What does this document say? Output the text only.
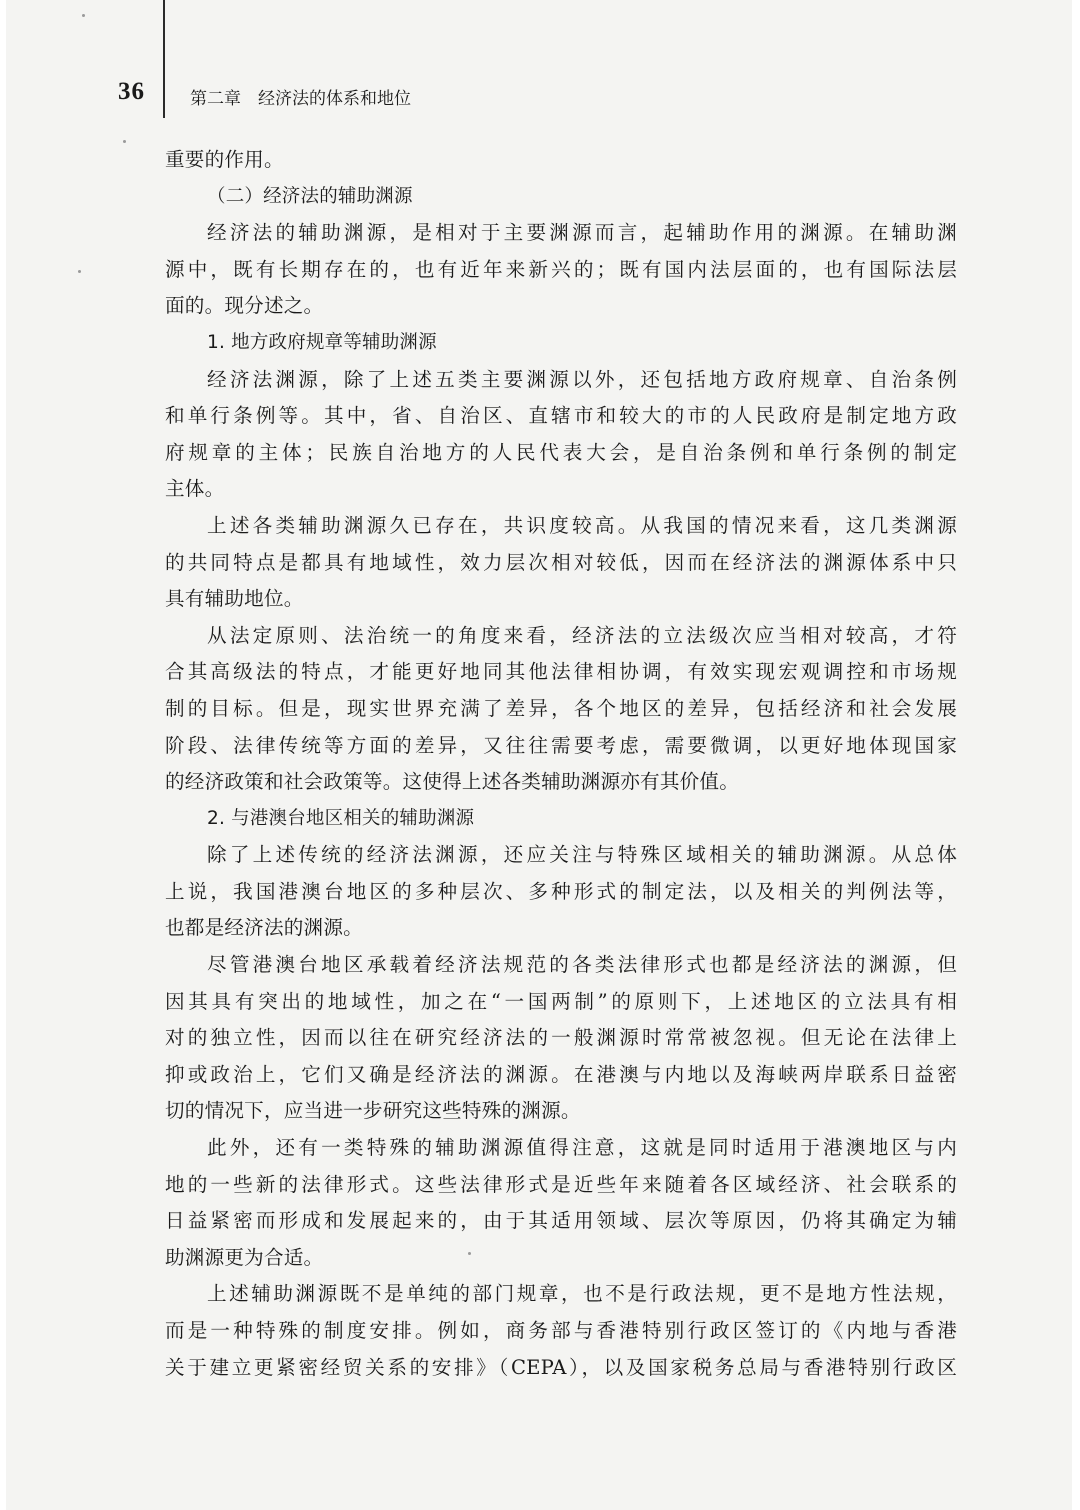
36	第二章　经济法的体系和地位
重要的作用。
（二）经济法的辅助渊源
经济法的辅助渊源，是相对于主要渊源而言，起辅助作用的渊源。在辅助渊
源中，既有长期存在的，也有近年来新兴的；既有国内法层面的，也有国际法层
面的。现分述之。
1. 地方政府规章等辅助渊源
经济法渊源，除了上述五类主要渊源以外，还包括地方政府规章、自治条例
和单行条例等。其中，省、自治区、直辖市和较大的市的人民政府是制定地方政
府规章的主体；民族自治地方的人民代表大会，是自治条例和单行条例的制定
主体。
上述各类辅助渊源久已存在，共识度较高。从我国的情况来看，这几类渊源
的共同特点是都具有地域性，效力层次相对较低，因而在经济法的渊源体系中只
具有辅助地位。
从法定原则、法治统一的角度来看，经济法的立法级次应当相对较高，才符
合其高级法的特点，才能更好地同其他法律相协调，有效实现宏观调控和市场规
制的目标。但是，现实世界充满了差异，各个地区的差异，包括经济和社会发展
阶段、法律传统等方面的差异，又往往需要考虑，需要微调，以更好地体现国家
的经济政策和社会政策等。这使得上述各类辅助渊源亦有其价值。
2. 与港澳台地区相关的辅助渊源
除了上述传统的经济法渊源，还应关注与特殊区域相关的辅助渊源。从总体
上说，我国港澳台地区的多种层次、多种形式的制定法，以及相关的判例法等，
也都是经济法的渊源。
尽管港澳台地区承载着经济法规范的各类法律形式也都是经济法的渊源，但
因其具有突出的地域性，加之在“一国两制”的原则下，上述地区的立法具有相
对的独立性，因而以往在研究经济法的一般渊源时常常被忽视。但无论在法律上
抑或政治上，它们又确是经济法的渊源。在港澳与内地以及海峡两岸联系日益密
切的情况下，应当进一步研究这些特殊的渊源。
此外，还有一类特殊的辅助渊源值得注意，这就是同时适用于港澳地区与内
地的一些新的法律形式。这些法律形式是近些年来随着各区域经济、社会联系的
日益紧密而形成和发展起来的，由于其适用领域、层次等原因，仍将其确定为辅
助渊源更为合适。
上述辅助渊源既不是单纯的部门规章，也不是行政法规，更不是地方性法规，
而是一种特殊的制度安排。例如，商务部与香港特别行政区签订的《内地与香港
关于建立更紧密经贸关系的安排》（CEPA），以及国家税务总局与香港特别行政区
